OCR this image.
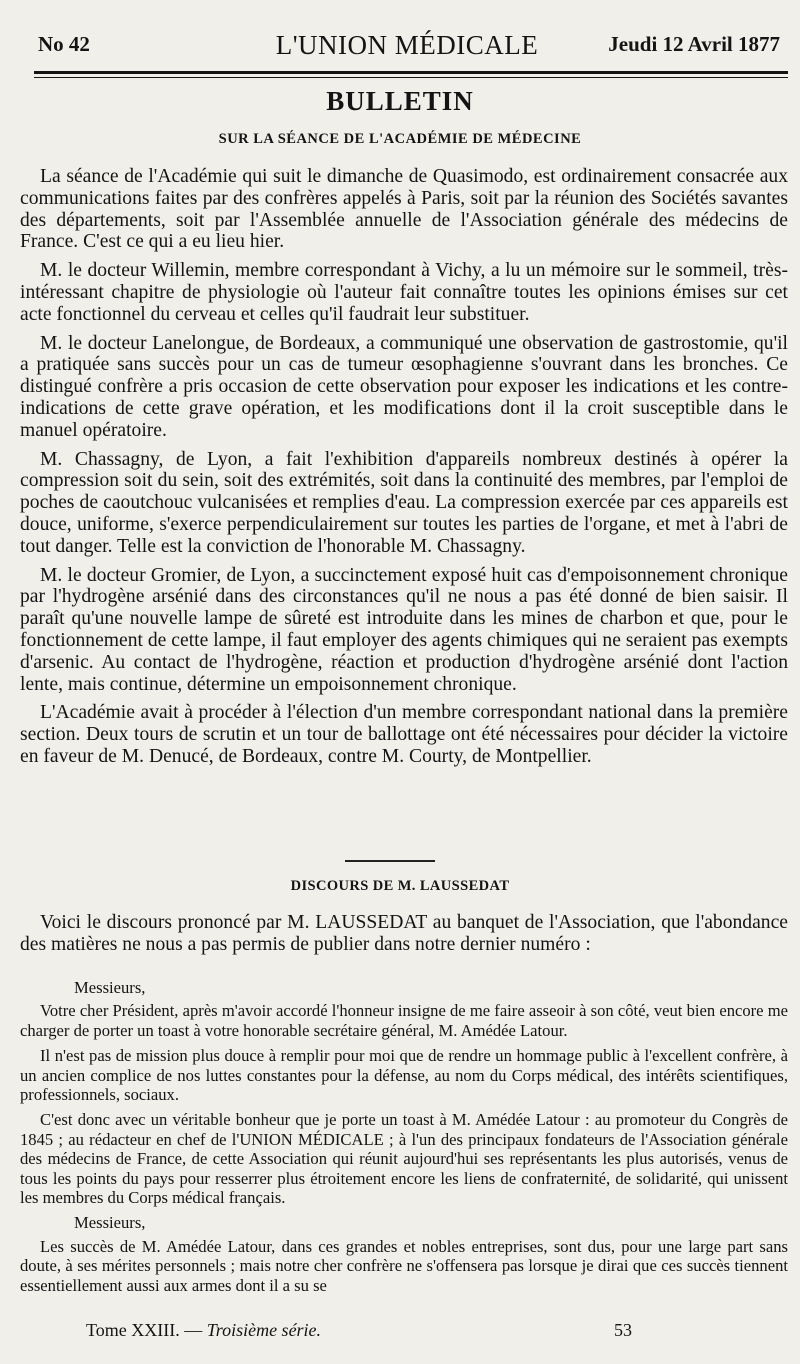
No 42	L'UNION MÉDICALE	Jeudi 12 Avril 1877
BULLETIN
SUR LA SÉANCE DE L'ACADÉMIE DE MÉDECINE

La séance de l'Académie qui suit le dimanche de Quasimodo, est ordinairement consacrée aux communications faites par des confrères appelés à Paris, soit par la réunion des Sociétés savantes des départements, soit par l'Assemblée annuelle de l'Association générale des médecins de France. C'est ce qui a eu lieu hier.

M. le docteur Willemin, membre correspondant à Vichy, a lu un mémoire sur le sommeil, très-intéressant chapitre de physiologie où l'auteur fait connaître toutes les opinions émises sur cet acte fonctionnel du cerveau et celles qu'il faudrait leur substituer.

M. le docteur Lanelongue, de Bordeaux, a communiqué une observation de gastrostomie, qu'il a pratiquée sans succès pour un cas de tumeur œsophagienne s'ouvrant dans les bronches. Ce distingué confrère a pris occasion de cette observation pour exposer les indications et les contre-indications de cette grave opération, et les modifications dont il la croit susceptible dans le manuel opératoire.

M. Chassagny, de Lyon, a fait l'exhibition d'appareils nombreux destinés à opérer la compression soit du sein, soit des extrémités, soit dans la continuité des membres, par l'emploi de poches de caoutchouc vulcanisées et remplies d'eau. La compression exercée par ces appareils est douce, uniforme, s'exerce perpendiculairement sur toutes les parties de l'organe, et met à l'abri de tout danger. Telle est la conviction de l'honorable M. Chassagny.

M. le docteur Gromier, de Lyon, a succinctement exposé huit cas d'empoisonnement chronique par l'hydrogène arsénié dans des circonstances qu'il ne nous a pas été donné de bien saisir. Il paraît qu'une nouvelle lampe de sûreté est introduite dans les mines de charbon et que, pour le fonctionnement de cette lampe, il faut employer des agents chimiques qui ne seraient pas exempts d'arsenic. Au contact de l'hydrogène, réaction et production d'hydrogène arsénié dont l'action lente, mais continue, détermine un empoisonnement chronique.

L'Académie avait à procéder à l'élection d'un membre correspondant national dans la première section. Deux tours de scrutin et un tour de ballottage ont été nécessaires pour décider la victoire en faveur de M. Denucé, de Bordeaux, contre M. Courty, de Montpellier.

DISCOURS DE M. LAUSSEDAT

Voici le discours prononcé par M. LAUSSEDAT au banquet de l'Association, que l'abondance des matières ne nous a pas permis de publier dans notre dernier numéro :

Messieurs,

Votre cher Président, après m'avoir accordé l'honneur insigne de me faire asseoir à son côté, veut bien encore me charger de porter un toast à votre honorable secrétaire général, M. Amédée Latour.

Il n'est pas de mission plus douce à remplir pour moi que de rendre un hommage public à l'excellent confrère, à un ancien complice de nos luttes constantes pour la défense, au nom du Corps médical, des intérêts scientifiques, professionnels, sociaux.

C'est donc avec un véritable bonheur que je porte un toast à M. Amédée Latour : au promoteur du Congrès de 1845 ; au rédacteur en chef de l'UNION MÉDICALE ; à l'un des principaux fondateurs de l'Association générale des médecins de France, de cette Association qui réunit aujourd'hui ses représentants les plus autorisés, venus de tous les points du pays pour resserrer plus étroitement encore les liens de confraternité, de solidarité, qui unissent les membres du Corps médical français.

Messieurs,

Les succès de M. Amédée Latour, dans ces grandes et nobles entreprises, sont dus, pour une large part sans doute, à ses mérites personnels ; mais notre cher confrère ne s'offensera pas lorsque je dirai que ces succès tiennent essentiellement aussi aux armes dont il a su se

Tome XXIII. — Troisième série.	53
